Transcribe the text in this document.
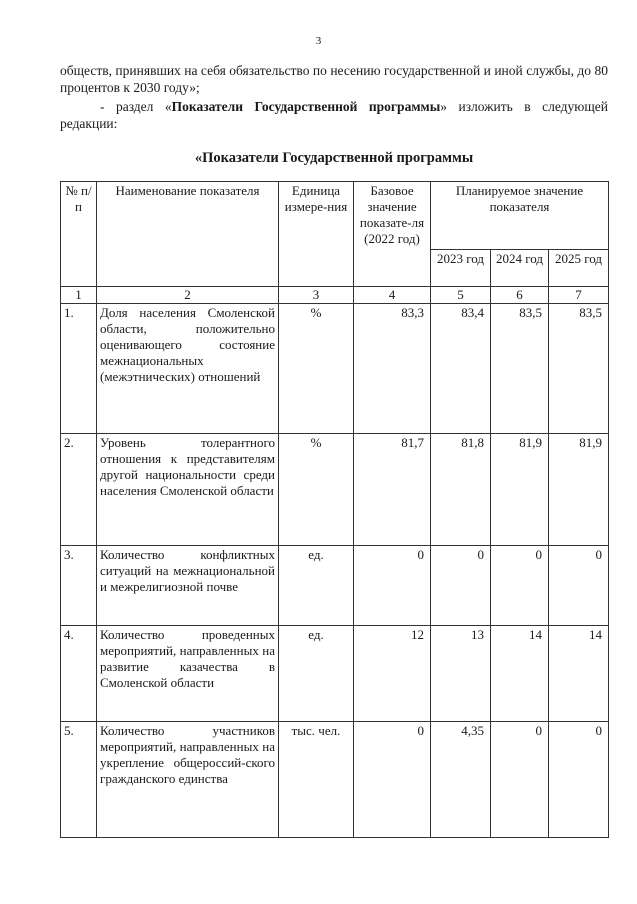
3
обществ, принявших на себя обязательство по несению государственной и иной службы, до 80 процентов к 2030 году»;
- раздел «Показатели Государственной программы» изложить в следующей редакции:
«Показатели Государственной программы
№ п/п	Наименование показателя	Единица измере-ния	Базовое значение показате-ля (2022 год)	Планируемое значение показателя		
				2023 год	2024 год	2025 год
1	2	3	4	5	6	7
1.	Доля населения Смоленской области, положительно оценивающего состояние межнациональных (межэтнических) отношений	%	83,3	83,4	83,5	83,5
2.	Уровень толерантного отношения к представителям другой национальности среди населения Смоленской области	%	81,7	81,8	81,9	81,9
3.	Количество конфликтных ситуаций на межнациональной и межрелигиозной почве	ед.	0	0	0	0
4.	Количество проведенных мероприятий, направленных на развитие казачества в Смоленской области	ед.	12	13	14	14
5.	Количество участников мероприятий, направленных на укрепление общероссий-ского гражданского единства	тыс. чел.	0	4,35	0	0
